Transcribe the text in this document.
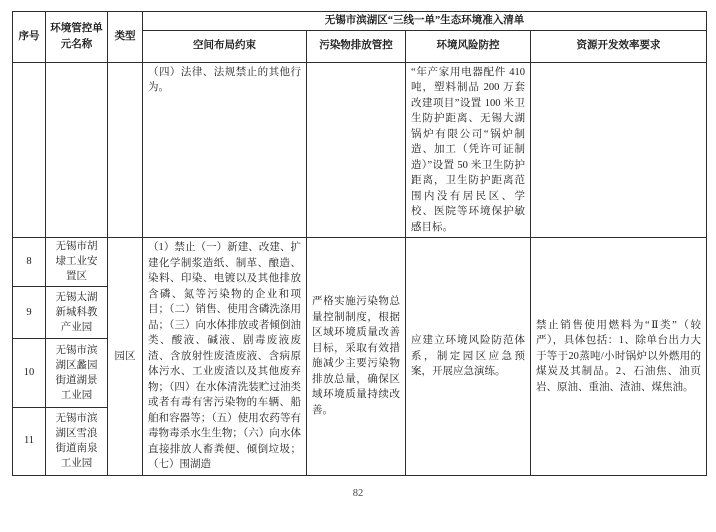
序号	环境管控单元名称	类型	无锡市滨湖区“三线一单”生态环境准入清单			
			空间布局约束	污染物排放管控	环境风险防控	资源开发效率要求
			（四）法律、法规禁止的其他行为。		“年产家用电器配件 410 吨，塑料制品 200 万套改建项目”设置 100 米卫生防护距离、无锡大湖锅炉有限公司“锅炉制造、加工（凭许可证制造）”设置 50 米卫生防护距离，卫生防护距离范围内没有居民区、学校、医院等环境保护敏感目标。	
8	无锡市胡埭工业安置区	园区	（1）禁止（一）新建、改建、扩建化学制浆造纸、制革、酿造、染料、印染、电镀以及其他排放含磷、氮等污染物的企业和项目；（二）销售、使用含磷洗涤用品；（三）向水体排放或者倾倒油类、酸液、碱液、剧毒废液废渣、含放射性废渣废液、含病原体污水、工业废渣以及其他废弃物；（四）在水体清洗装贮过油类或者有毒有害污染物的车辆、船舶和容器等；（五）使用农药等有毒物毒杀水生生物；（六）向水体直接排放人畜粪便、倾倒垃圾；（七）围湖造	严格实施污染物总量控制制度，根据区域环境质量改善目标，采取有效措施减少主要污染物排放总量，确保区域环境质量持续改善。	应建立环境风险防范体系，制定园区应急预案，开展应急演练。	禁止销售使用燃料为“Ⅱ类”（较严），具体包括：1、除单台出力大于等于20蒸吨/小时锅炉以外燃用的煤炭及其制品。2、石油焦、油页岩、原油、重油、渣油、煤焦油。
9	无锡太湖新城科教产业园					
10	无锡市滨湖区蠡园街道湖景工业园					
11	无锡市滨湖区雪浪街道南泉工业园					
82
